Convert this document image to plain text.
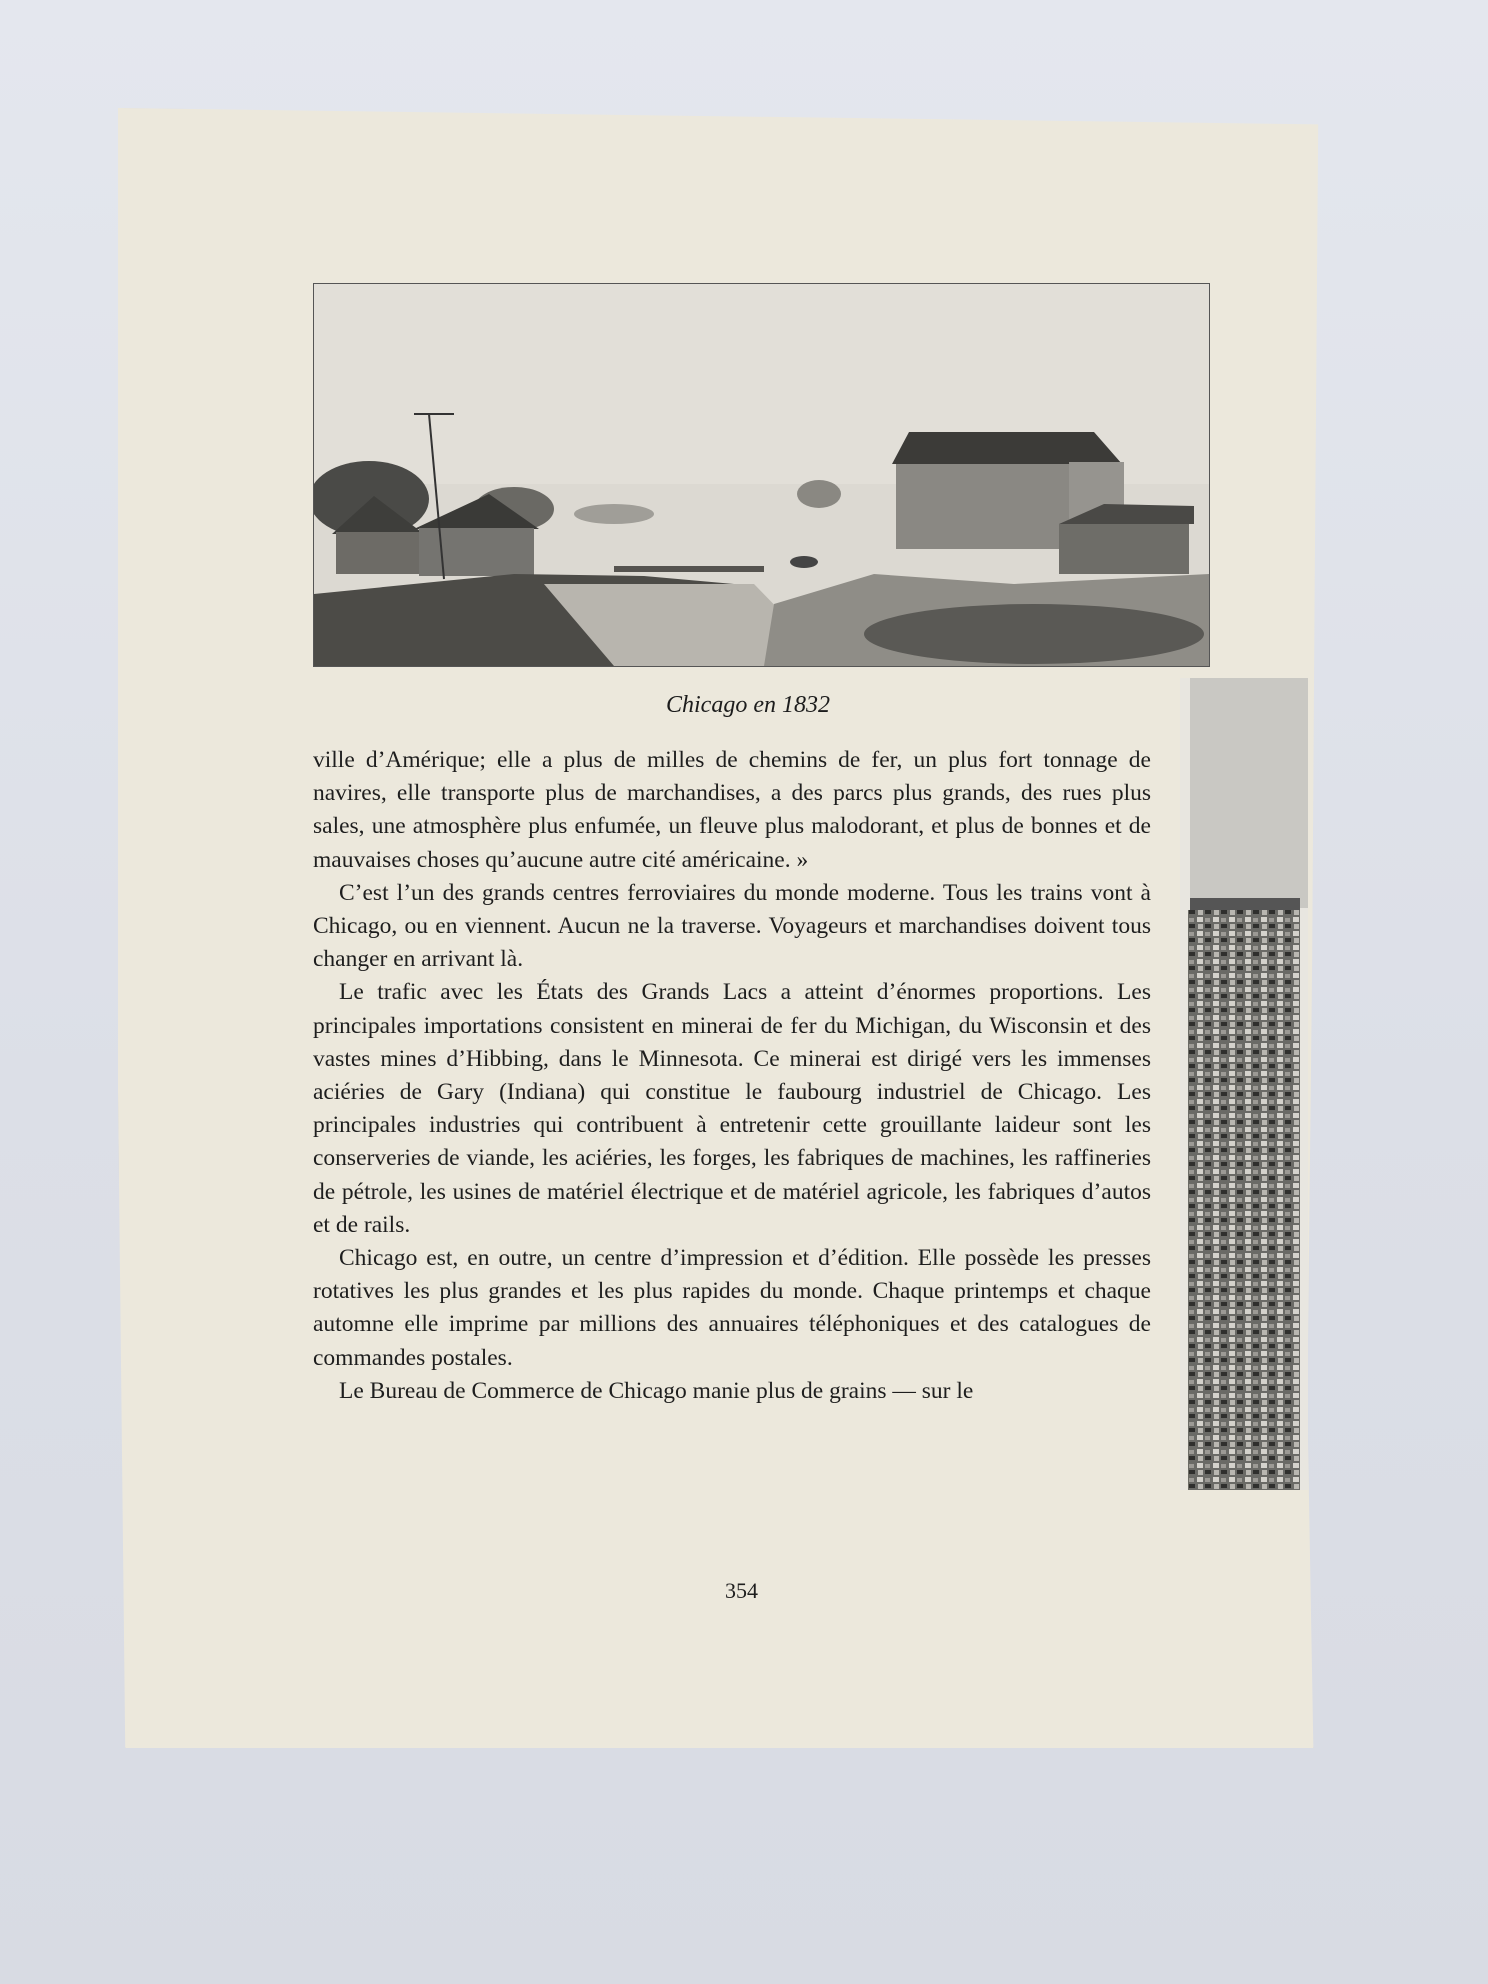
Chicago en 1832

ville d’Amérique; elle a plus de milles de chemins de fer, un plus fort tonnage de navires, elle transporte plus de marchandises, a des parcs plus grands, des rues plus sales, une atmosphère plus enfumée, un fleuve plus malodorant, et plus de bonnes et de mauvaises choses qu’aucune autre cité américaine. »

C’est l’un des grands centres ferroviaires du monde moderne. Tous les trains vont à Chicago, ou en viennent. Aucun ne la traverse. Voyageurs et marchandises doivent tous changer en arrivant là.

Le trafic avec les États des Grands Lacs a atteint d’énormes proportions. Les principales importations consistent en minerai de fer du Michigan, du Wisconsin et des vastes mines d’Hibbing, dans le Minnesota. Ce minerai est dirigé vers les immenses aciéries de Gary (Indiana) qui constitue le faubourg industriel de Chicago. Les principales industries qui contribuent à entretenir cette grouillante laideur sont les conserveries de viande, les aciéries, les forges, les fabriques de machines, les raffineries de pétrole, les usines de matériel électrique et de matériel agricole, les fabriques d’autos et de rails.

Chicago est, en outre, un centre d’impression et d’édition. Elle possède les presses rotatives les plus grandes et les plus rapides du monde. Chaque printemps et chaque automne elle imprime par millions des annuaires téléphoniques et des catalogues de commandes postales.

Le Bureau de Commerce de Chicago manie plus de grains — sur le

354
